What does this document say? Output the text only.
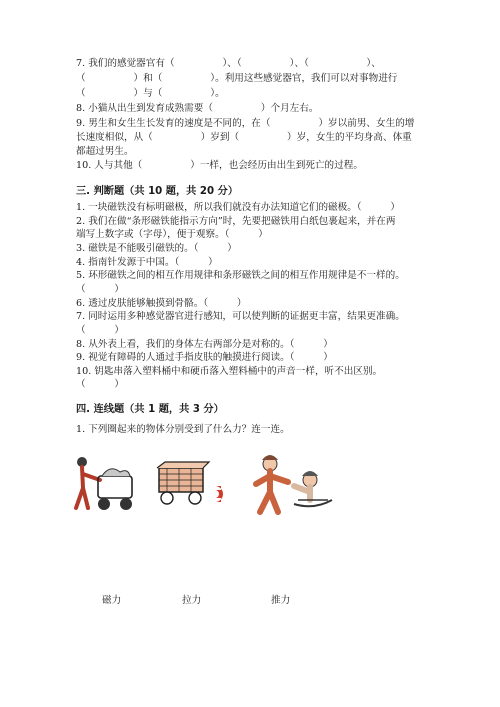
7. 我们的感觉器官有（　　　　　）、（　　　　　）、（　　　　　　）、
（　　　　　）和（　　　　　）。利用这些感觉器官，我们可以对事物进行
（　　　　　）与（　　　　　）。
8. 小猫从出生到发育成熟需要（　　　　　）个月左右。
9. 男生和女生生长发育的速度是不同的，在（　　　　　）岁以前男、女生的增
长速度相似，从（　　　　　）岁到（　　　　　）岁，女生的平均身高、体重
都超过男生。
10. 人与其他（　　　　　）一样，也会经历由出生到死亡的过程。
三. 判断题（共 10 题，共 20 分）
1. 一块磁铁没有标明磁极，所以我们就没有办法知道它们的磁极。（　　　）
2. 我们在做“条形磁铁能指示方向”时，先要把磁铁用白纸包裹起来，并在两
端写上数字或（字母），便于观察。（　　　）
3. 磁铁是不能吸引磁铁的。（　　　）
4. 指南针发源于中国。（　　　）
5. 环形磁铁之间的相互作用规律和条形磁铁之间的相互作用规律是不一样的。
（　　　）
6. 透过皮肤能够触摸到骨骼。（　　　）
7. 同时运用多种感觉器官进行感知，可以使判断的证据更丰富，结果更准确。
（　　　）
8. 从外表上看，我们的身体左右两部分是对称的。（　　　）
9. 视觉有障碍的人通过手指皮肤的触摸进行阅读。（　　　）
10. 钥匙串落入塑料桶中和硬币落入塑料桶中的声音一样，听不出区别。
（　　　）
四. 连线题（共 1 题，共 3 分）
1. 下列圈起来的物体分别受到了什么力？连一连。
磁力	拉力	推力
